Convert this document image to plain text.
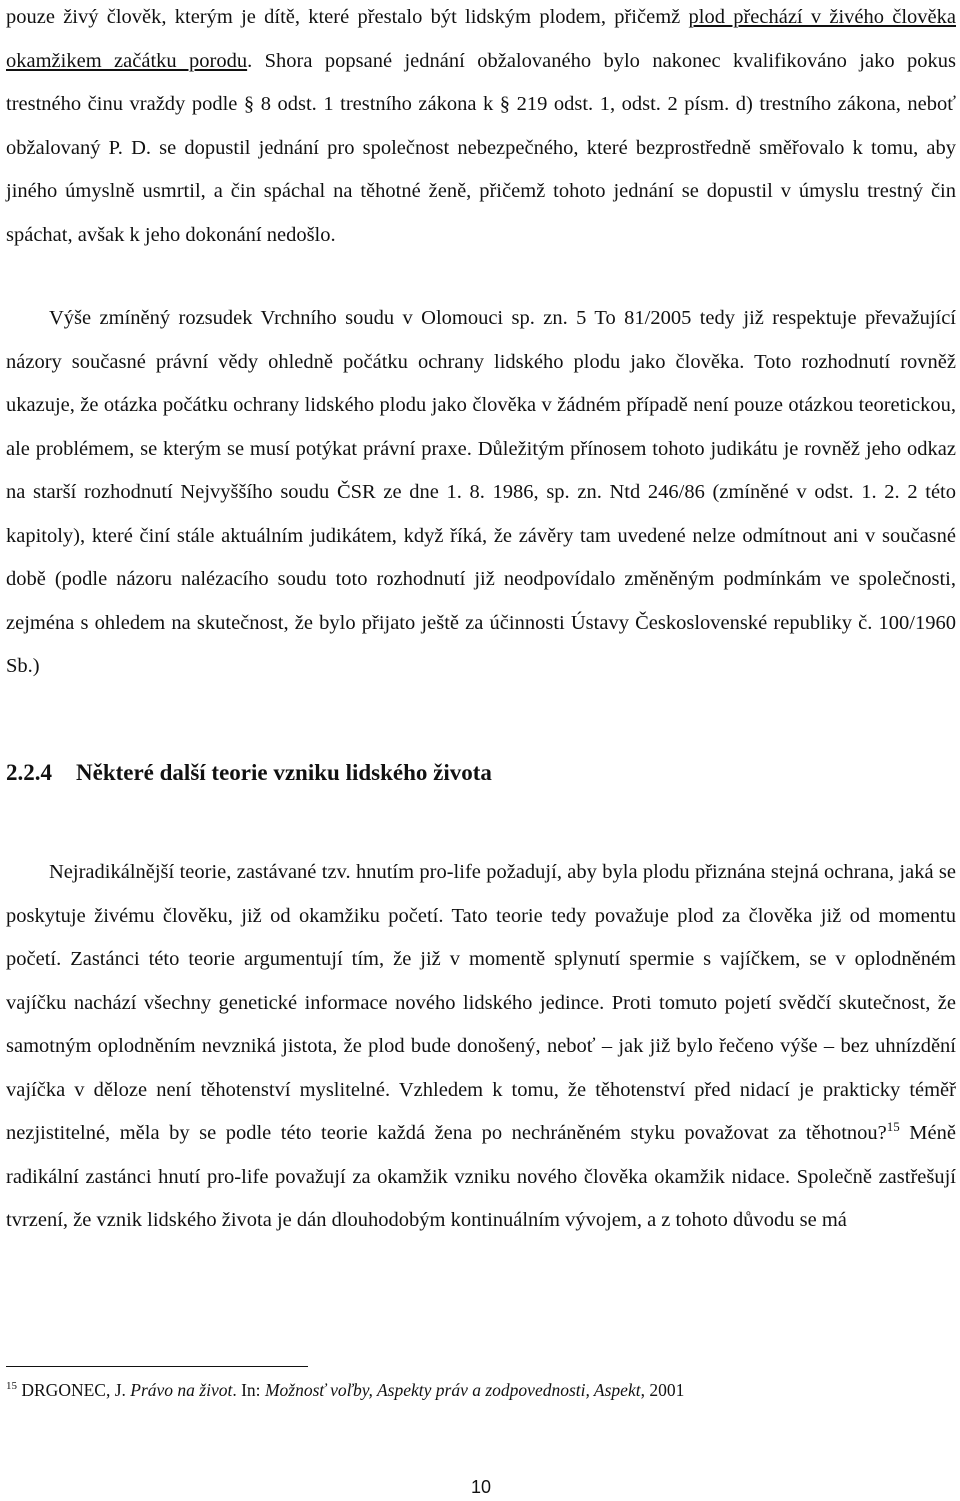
pouze živý člověk, kterým je dítě, které přestalo být lidským plodem, přičemž plod přechází v živého člověka okamžikem začátku porodu. Shora popsané jednání obžalovaného bylo nakonec kvalifikováno jako pokus trestného činu vraždy podle § 8 odst. 1 trestního zákona k § 219 odst. 1, odst. 2 písm. d) trestního zákona, neboť obžalovaný P. D. se dopustil jednání pro společnost nebezpečného, které bezprostředně směřovalo k tomu, aby jiného úmyslně usmrtil, a čin spáchal na těhotné ženě, přičemž tohoto jednání se dopustil v úmyslu trestný čin spáchat, avšak k jeho dokonání nedošlo.

Výše zmíněný rozsudek Vrchního soudu v Olomouci sp. zn. 5 To 81/2005 tedy již respektuje převažující názory současné právní vědy ohledně počátku ochrany lidského plodu jako člověka. Toto rozhodnutí rovněž ukazuje, že otázka počátku ochrany lidského plodu jako člověka v žádném případě není pouze otázkou teoretickou, ale problémem, se kterým se musí potýkat právní praxe. Důležitým přínosem tohoto judikátu je rovněž jeho odkaz na starší rozhodnutí Nejvyššího soudu ČSR ze dne 1. 8. 1986, sp. zn. Ntd 246/86 (zmíněné v odst. 1. 2. 2 této kapitoly), které činí stále aktuálním judikátem, když říká, že závěry tam uvedené nelze odmítnout ani v současné době (podle názoru nalézacího soudu toto rozhodnutí již neodpovídalo změněným podmínkám ve společnosti, zejména s ohledem na skutečnost, že bylo přijato ještě za účinnosti Ústavy Československé republiky č. 100/1960 Sb.)

2.2.4 Některé další teorie vzniku lidského života

Nejradikálnější teorie, zastávané tzv. hnutím pro-life požadují, aby byla plodu přiznána stejná ochrana, jaká se poskytuje živému člověku, již od okamžiku početí. Tato teorie tedy považuje plod za člověka již od momentu početí. Zastánci této teorie argumentují tím, že již v momentě splynutí spermie s vajíčkem, se v oplodněném vajíčku nachází všechny genetické informace nového lidského jedince. Proti tomuto pojetí svědčí skutečnost, že samotným oplodněním nevzniká jistota, že plod bude donošený, neboť – jak již bylo řečeno výše – bez uhnízdění vajíčka v děloze není těhotenství myslitelné. Vzhledem k tomu, že těhotenství před nidací je prakticky téměř nezjistitelné, měla by se podle této teorie každá žena po nechráněném styku považovat za těhotnou?$^{15}$ Méně radikální zastánci hnutí pro-life považují za okamžik vzniku nového člověka okamžik nidace. Společně zastřešují tvrzení, že vznik lidského života je dán dlouhodobým kontinuálním vývojem, a z tohoto důvodu se má

$^{15}$ DRGONEC, J. Právo na život. In: Možnosť voľby, Aspekty práv a zodpovednosti, Aspekt, 2001

10
